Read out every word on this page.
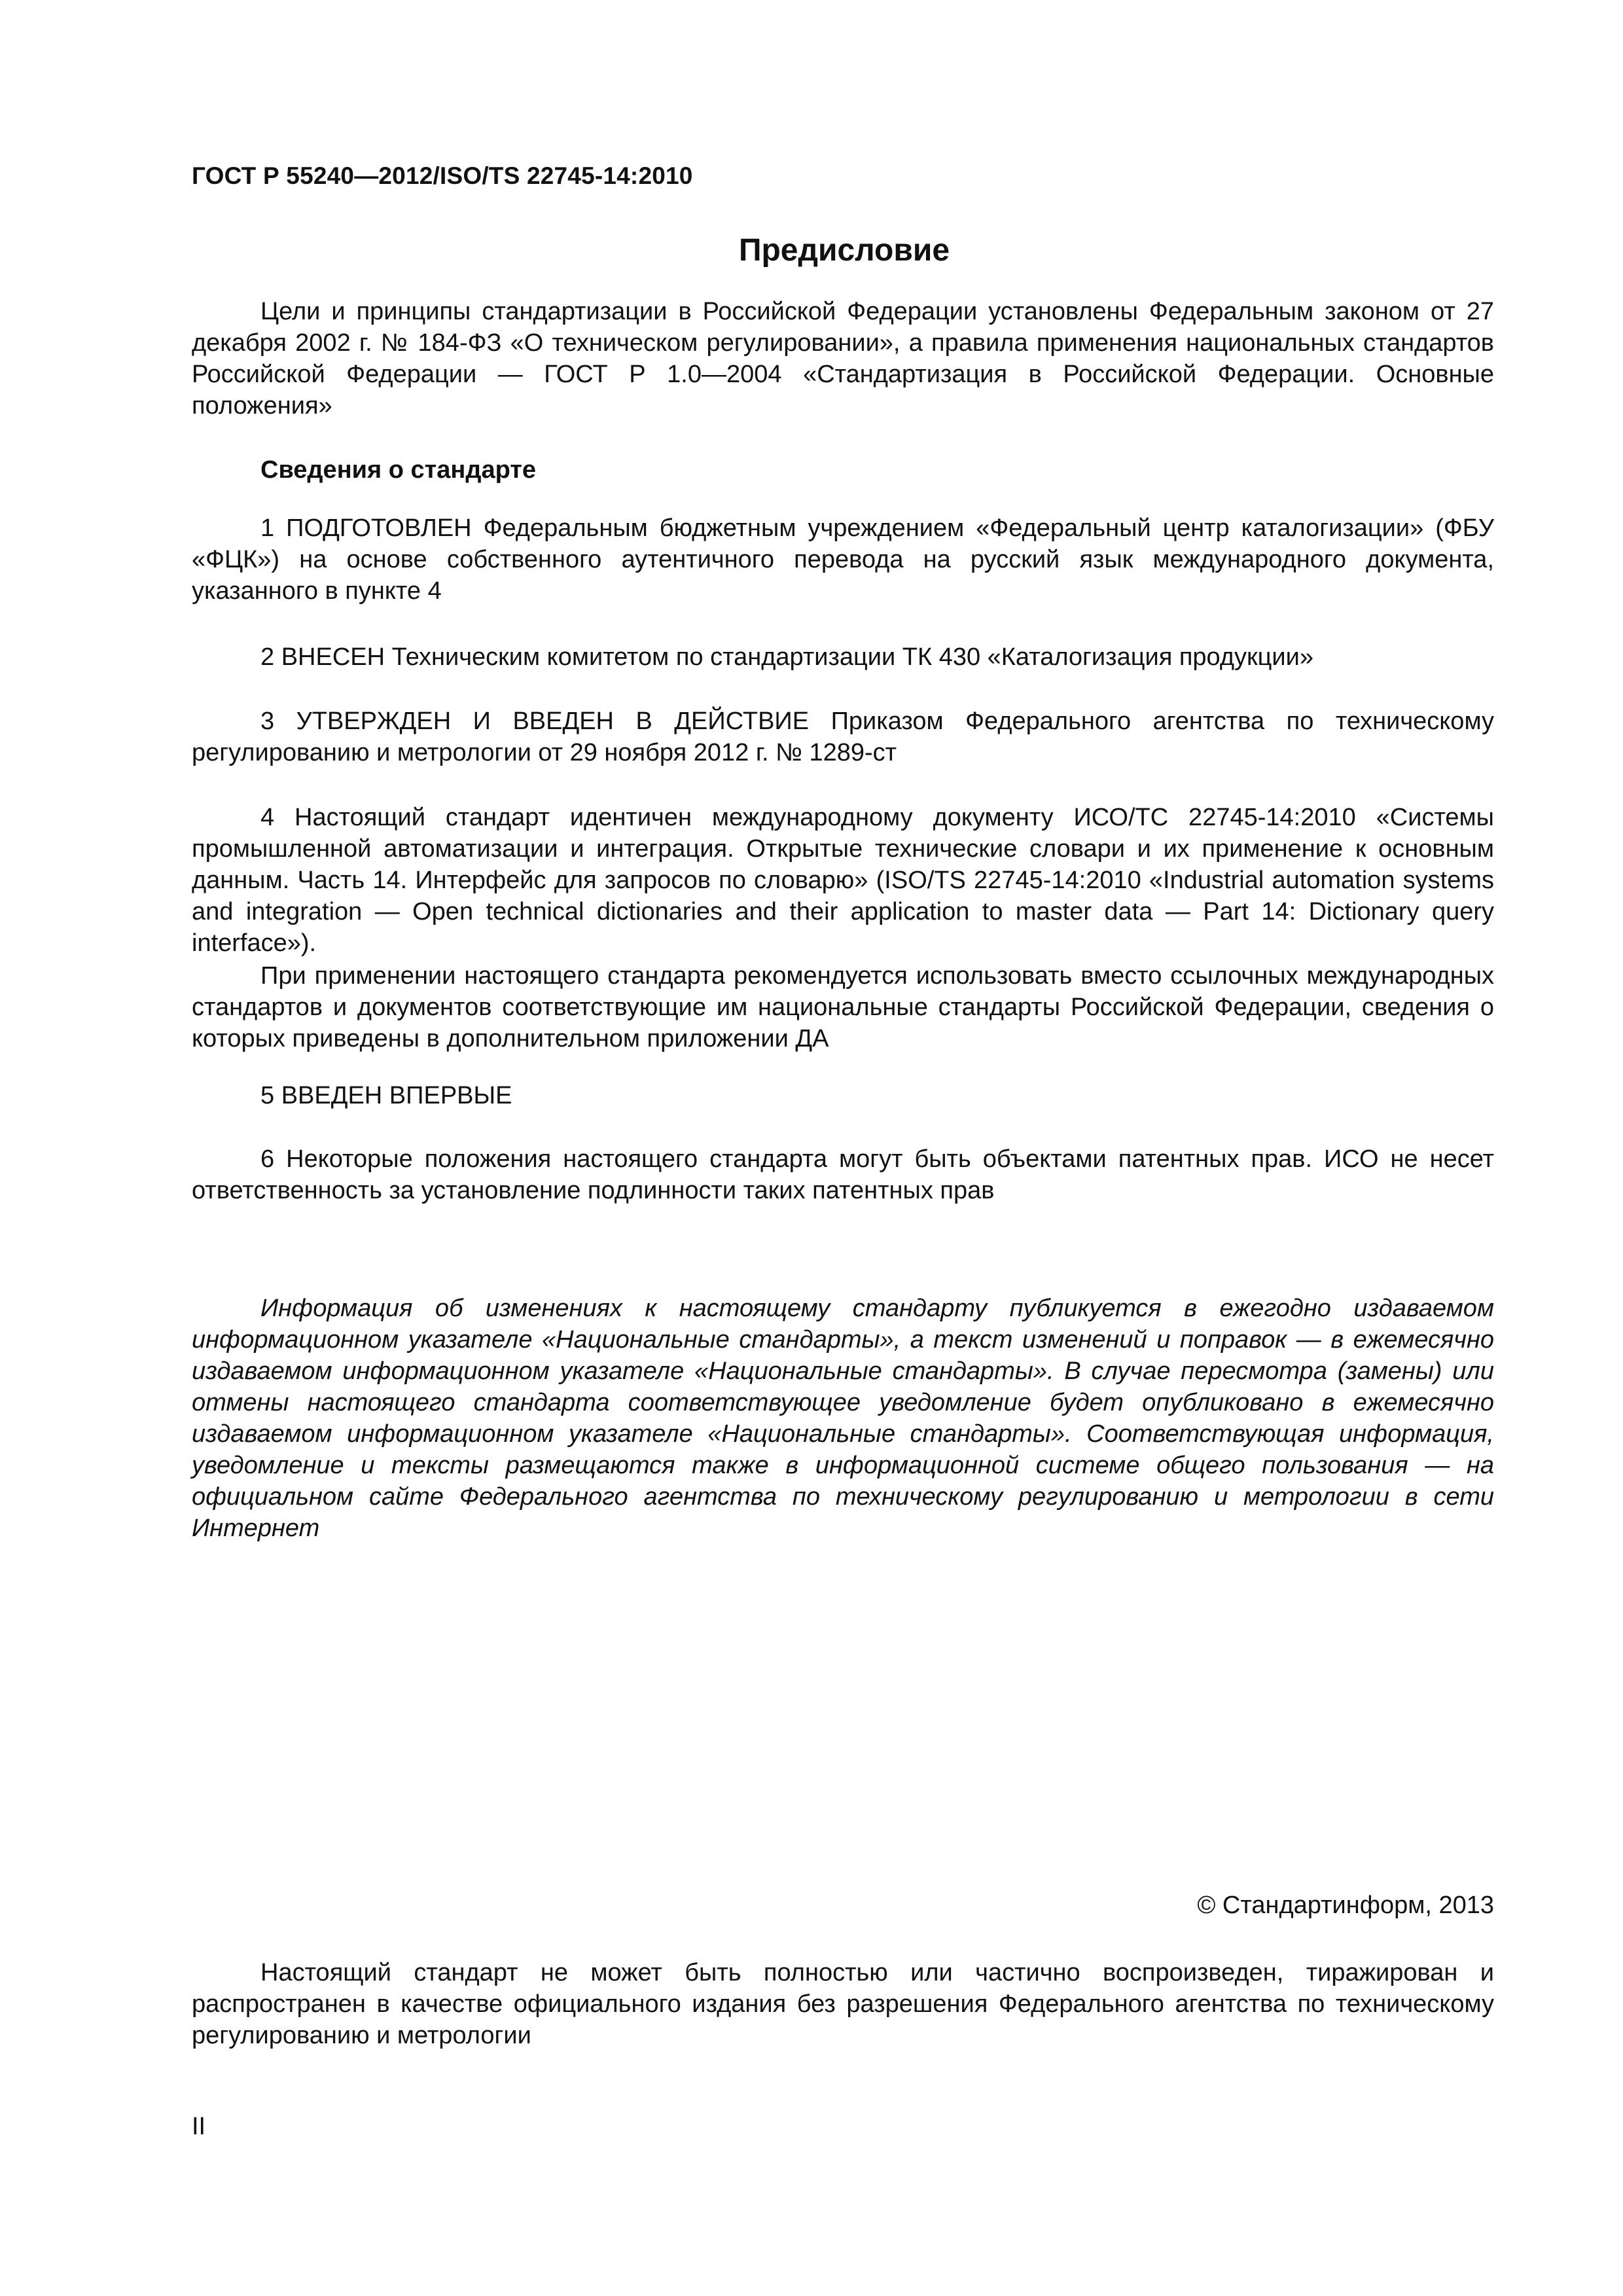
ГОСТ Р 55240—2012/ISO/TS 22745-14:2010
Предисловие

Цели и принципы стандартизации в Российской Федерации установлены Федеральным законом от 27 декабря 2002 г. № 184-ФЗ «О техническом регулировании», а правила применения национальных стандартов Российской Федерации — ГОСТ Р 1.0—2004 «Стандартизация в Российской Федерации. Основные положения»

Сведения о стандарте

1 ПОДГОТОВЛЕН Федеральным бюджетным учреждением «Федеральный центр каталогизации» (ФБУ «ФЦК») на основе собственного аутентичного перевода на русский язык международного документа, указанного в пункте 4

2 ВНЕСЕН Техническим комитетом по стандартизации ТК 430 «Каталогизация продукции»

3 УТВЕРЖДЕН И ВВЕДЕН В ДЕЙСТВИЕ Приказом Федерального агентства по техническому регулированию и метрологии от 29 ноября 2012 г. № 1289-ст

4 Настоящий стандарт идентичен международному документу ИСО/ТС 22745-14:2010 «Системы промышленной автоматизации и интеграция. Открытые технические словари и их применение к основным данным. Часть 14. Интерфейс для запросов по словарю» (ISO/TS 22745-14:2010 «Industrial automation systems and integration — Open technical dictionaries and their application to master data — Part 14: Dictionary query interface»).

При применении настоящего стандарта рекомендуется использовать вместо ссылочных международных стандартов и документов соответствующие им национальные стандарты Российской Федерации, сведения о которых приведены в дополнительном приложении ДА

5 ВВЕДЕН ВПЕРВЫЕ

6 Некоторые положения настоящего стандарта могут быть объектами патентных прав. ИСО не несет ответственность за установление подлинности таких патентных прав

Информация об изменениях к настоящему стандарту публикуется в ежегодно издаваемом информационном указателе «Национальные стандарты», а текст изменений и поправок — в ежемесячно издаваемом информационном указателе «Национальные стандарты». В случае пересмотра (замены) или отмены настоящего стандарта соответствующее уведомление будет опубликовано в ежемесячно издаваемом информационном указателе «Национальные стандарты». Соответствующая информация, уведомление и тексты размещаются также в информационной системе общего пользования — на официальном сайте Федерального агентства по техническому регулированию и метрологии в сети Интернет

© Стандартинформ, 2013

Настоящий стандарт не может быть полностью или частично воспроизведен, тиражирован и распространен в качестве официального издания без разрешения Федерального агентства по техническому регулированию и метрологии

II
